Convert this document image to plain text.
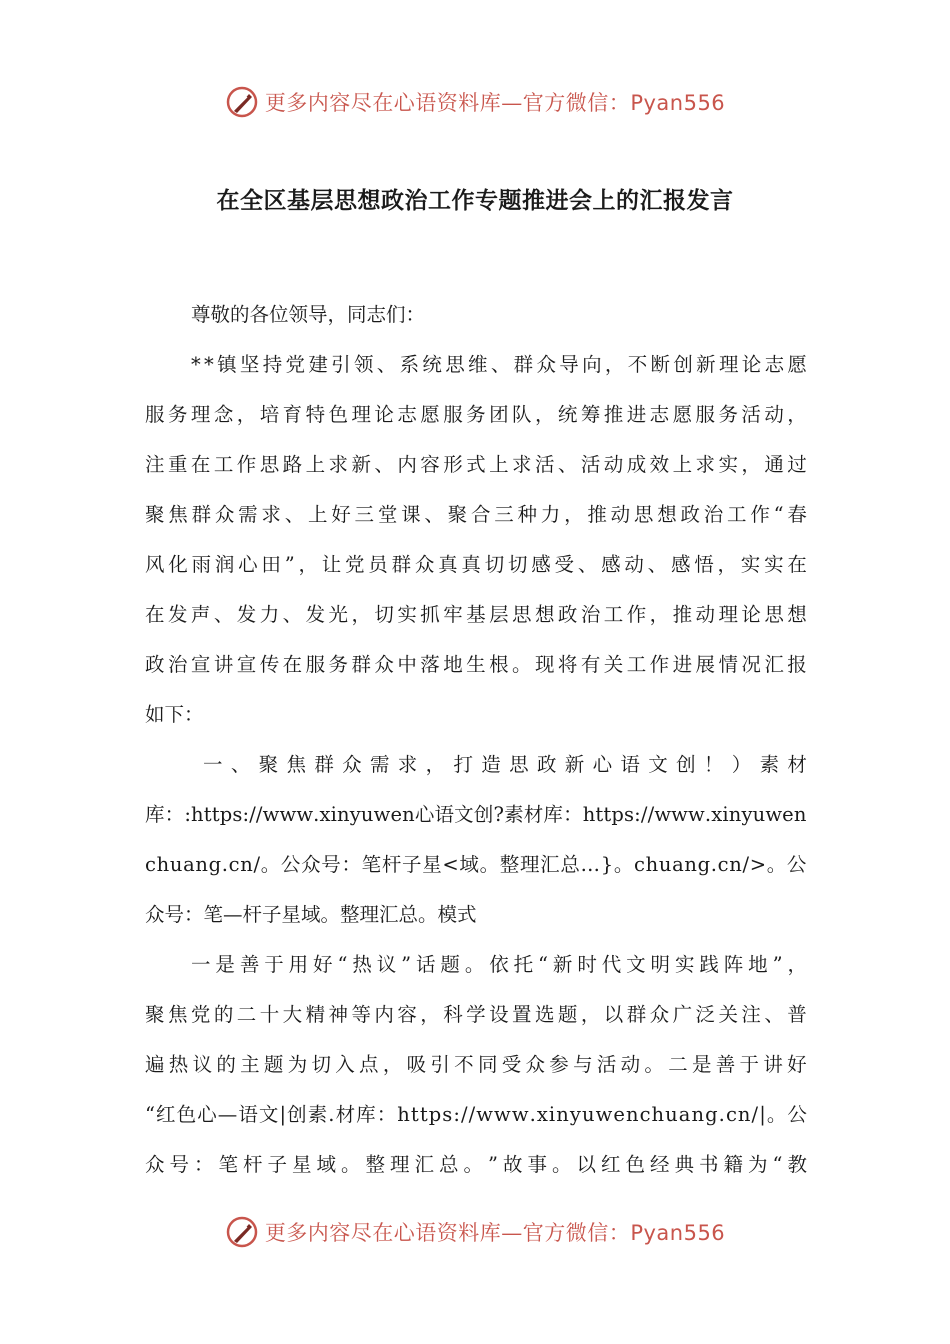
更多内容尽在心语资料库—官方微信：Pyan556
在全区基层思想政治工作专题推进会上的汇报发言
尊敬的各位领导，同志们：
* * 镇 坚 持 党 建 引 领 、 系 统 思 维 、 群 众 导 向 ， 不 断 创 新 理 论 志 愿
服 务 理 念 ， 培 育 特 色 理 论 志 愿 服 务 团 队 ， 统 筹 推 进 志 愿 服 务 活 动 ，
注 重 在 工 作 思 路 上 求 新 、 内 容 形 式 上 求 活 、 活 动 成 效 上 求 实 ， 通 过
聚 焦 群 众 需 求 、 上 好 三 堂 课 、 聚 合 三 种 力 ， 推 动 思 想 政 治 工 作 “ 春
风 化 雨 润 心 田 ” ， 让 党 员 群 众 真 真 切 切 感 受 、 感 动 、 感 悟 ， 实 实 在
在 发 声 、 发 力 、 发 光 ， 切 实 抓 牢 基 层 思 想 政 治 工 作 ， 推 动 理 论 思 想
政 治 宣 讲 宣 传 在 服 务 群 众 中 落 地 生 根 。 现 将 有 关 工 作 进 展 情 况 汇 报
如下：
一 、 聚 焦 群 众 需 求 ， 打 造 思 政 新 心 语 文 创 ！ ） 素 材
库 ： : h t t p s : / / w w w . x i n y u w e n 心 语 文 创 ? 素 材 库 ： h t t p s : / / w w w . x i n y u w e n
c h u a n g . c n / 。 公 众 号 ： 笔 杆 子 星 < 域 。 整 理 汇 总 … } 。 c h u a n g . c n / > 。 公
众号：笔—杆子星域。整理汇总。模式
一 是 善 于 用 好 “ 热 议 ” 话 题 。 依 托 “ 新 时 代 文 明 实 践 阵 地 ” ，
聚 焦 党 的 二 十 大 精 神 等 内 容 ， 科 学 设 置 选 题 ， 以 群 众 广 泛 关 注 、 普
遍 热 议 的 主 题 为 切 入 点 ， 吸 引 不 同 受 众 参 与 活 动 。 二 是 善 于 讲 好
“ 红 色 心 — 语 文 | 创 素 . 材 库 ： h t t p s : / / w w w . x i n y u w e n c h u a n g . c n / | 。 公
众 号 ： 笔 杆 子 星 域 。 整 理 汇 总 。 ” 故 事 。 以 红 色 经 典 书 籍 为 “ 教
更多内容尽在心语资料库—官方微信：Pyan556
